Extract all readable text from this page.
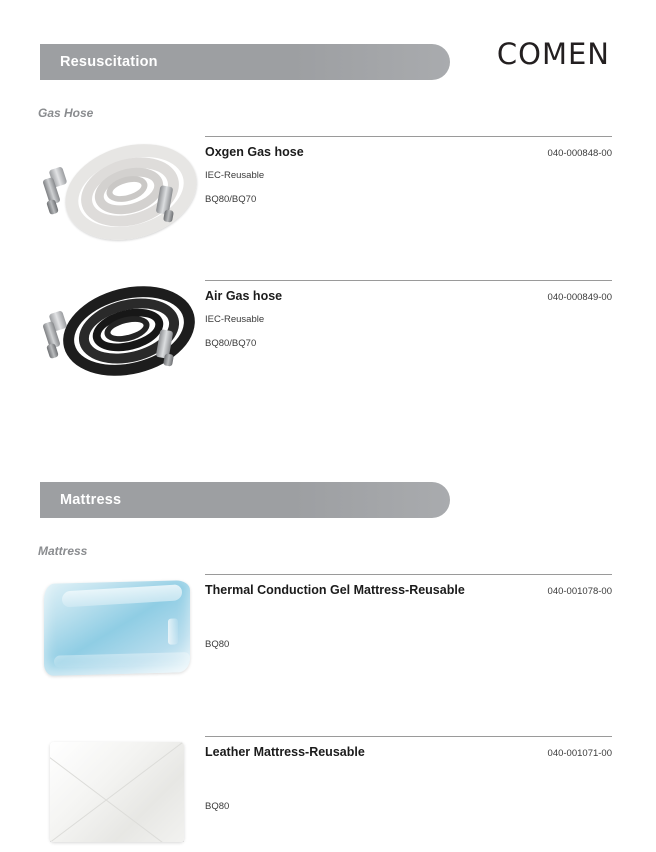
COMEN
Resuscitation
Gas Hose
Oxgen Gas hose	040-000848-00
IEC-Reusable
BQ80/BQ70
Air Gas hose	040-000849-00
IEC-Reusable
BQ80/BQ70
Mattress
Mattress
Thermal Conduction Gel Mattress-Reusable	040-001078-00
BQ80
Leather Mattress-Reusable	040-001071-00
BQ80
